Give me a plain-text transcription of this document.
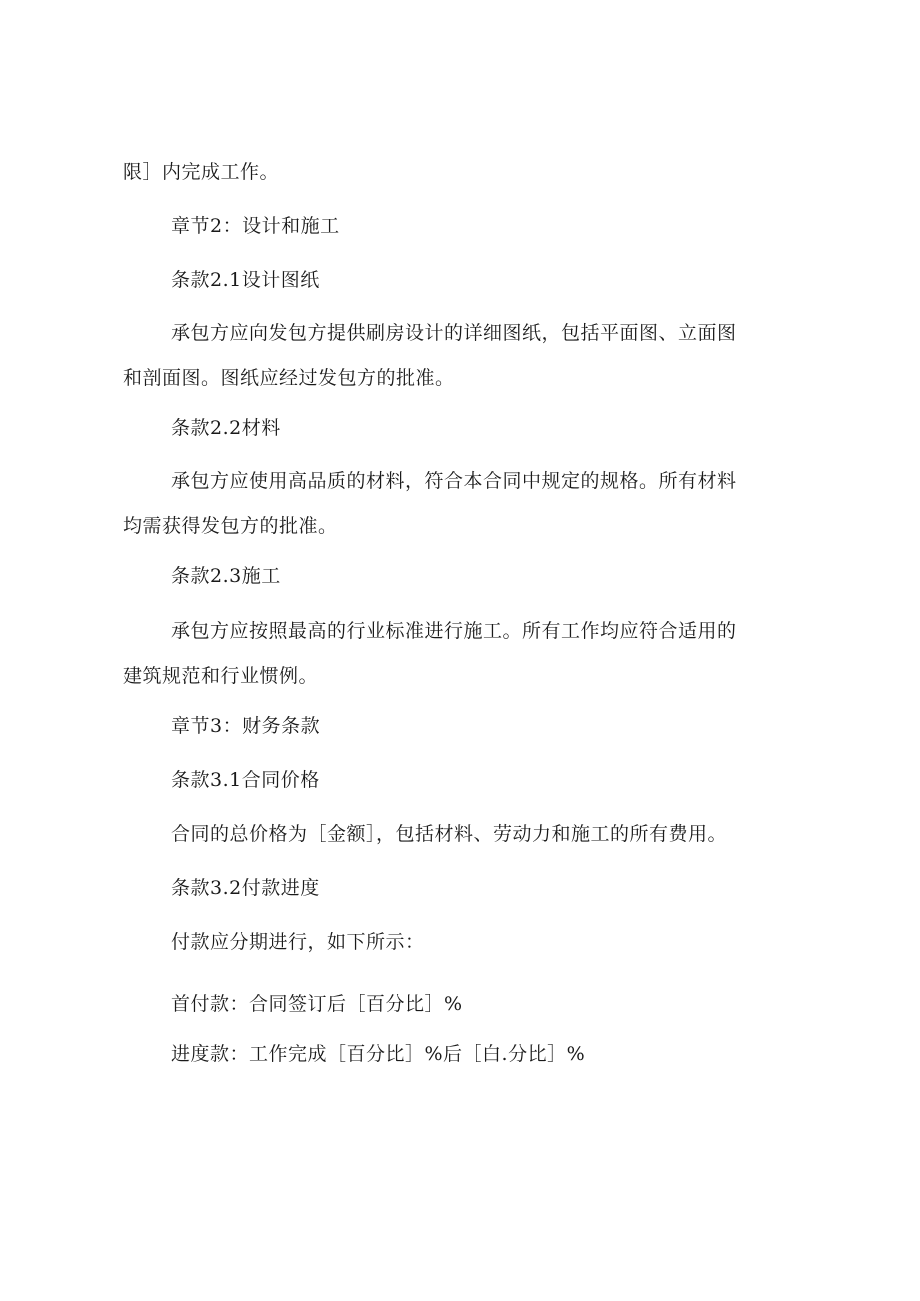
限］内完成工作。
章节2：设计和施工
条款2.1设计图纸
承包方应向发包方提供刷房设计的详细图纸，包括平面图、立面图和剖面图。图纸应经过发包方的批准。
条款2.2材料
承包方应使用高品质的材料，符合本合同中规定的规格。所有材料均需获得发包方的批准。
条款2.3施工
承包方应按照最高的行业标准进行施工。所有工作均应符合适用的建筑规范和行业惯例。
章节3：财务条款
条款3.1合同价格
合同的总价格为［金额］，包括材料、劳动力和施工的所有费用。
条款3.2付款进度
付款应分期进行，如下所示：
首付款：合同签订后［百分比］%
进度款：工作完成［百分比］%后［白.分比］%
